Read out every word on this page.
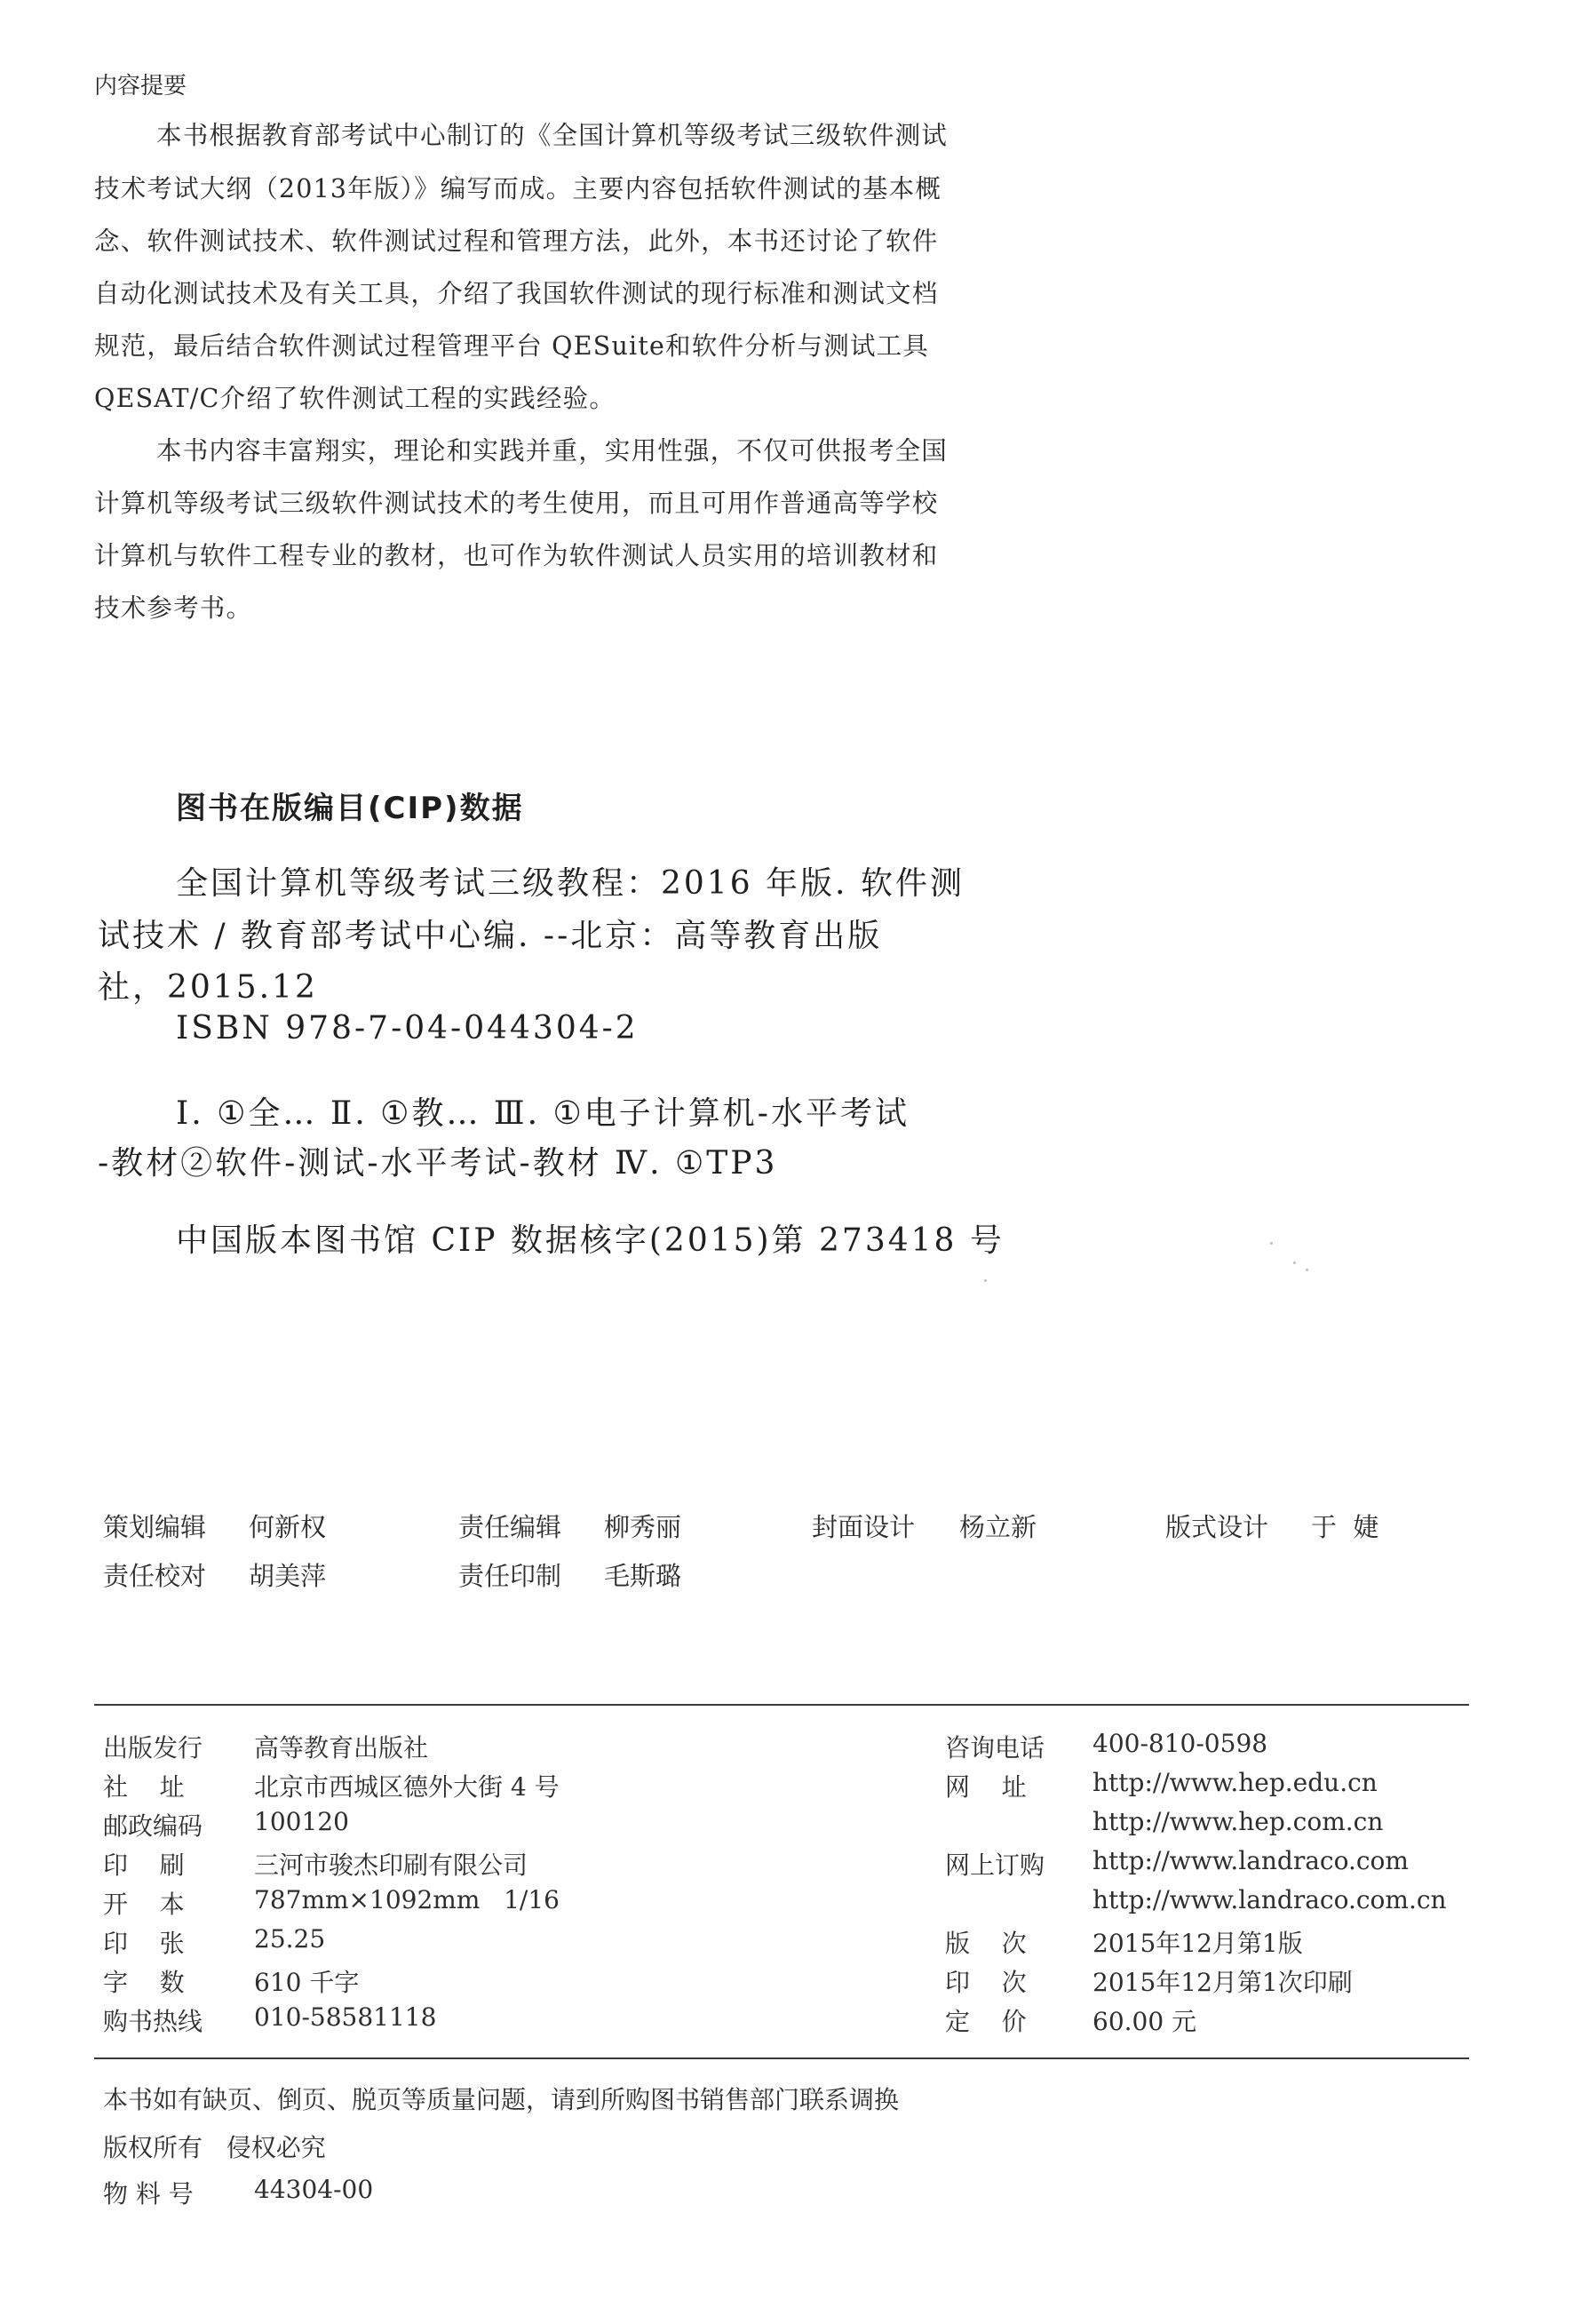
内容提要
本书根据教育部考试中心制订的《全国计算机等级考试三级软件测试
技术考试大纲（2013年版）》编写而成。主要内容包括软件测试的基本概
念、软件测试技术、软件测试过程和管理方法，此外，本书还讨论了软件
自动化测试技术及有关工具，介绍了我国软件测试的现行标准和测试文档
规范，最后结合软件测试过程管理平台 QESuite和软件分析与测试工具
QESAT/C介绍了软件测试工程的实践经验。
本书内容丰富翔实，理论和实践并重，实用性强，不仅可供报考全国
计算机等级考试三级软件测试技术的考生使用，而且可用作普通高等学校
计算机与软件工程专业的教材，也可作为软件测试人员实用的培训教材和
技术参考书。
图书在版编目(CIP)数据
全国计算机等级考试三级教程：2016 年版. 软件测
试技术 / 教育部考试中心编. --北京：高等教育出版
社，2015.12
ISBN 978-7-04-044304-2
Ⅰ. ①全… Ⅱ. ①教… Ⅲ. ①电子计算机-水平考试
-教材②软件-测试-水平考试-教材 Ⅳ. ①TP3
中国版本图书馆 CIP 数据核字(2015)第 273418 号
策划编辑 何新权	责任编辑 柳秀丽	封面设计 杨立新	版式设计 于  婕
责任校对 胡美萍	责任印制 毛斯璐
出版发行 高等教育出版社
社    址	北京市西城区德外大街 4 号
邮政编码 100120
印    刷	三河市骏杰印刷有限公司
开    本	787mm×1092mm   1/16
印    张	25.25
字    数	610 千字
购书热线 010-58581118
咨询电话 400-810-0598
网    址	http://www.hep.edu.cn
http://www.hep.com.cn
网上订购 http://www.landraco.com
http://www.landraco.com.cn
版    次	2015年12月第1版
印    次	2015年12月第1次印刷
定    价	60.00 元
本书如有缺页、倒页、脱页等质量问题，请到所购图书销售部门联系调换
版权所有   侵权必究
物 料 号 44304-00
